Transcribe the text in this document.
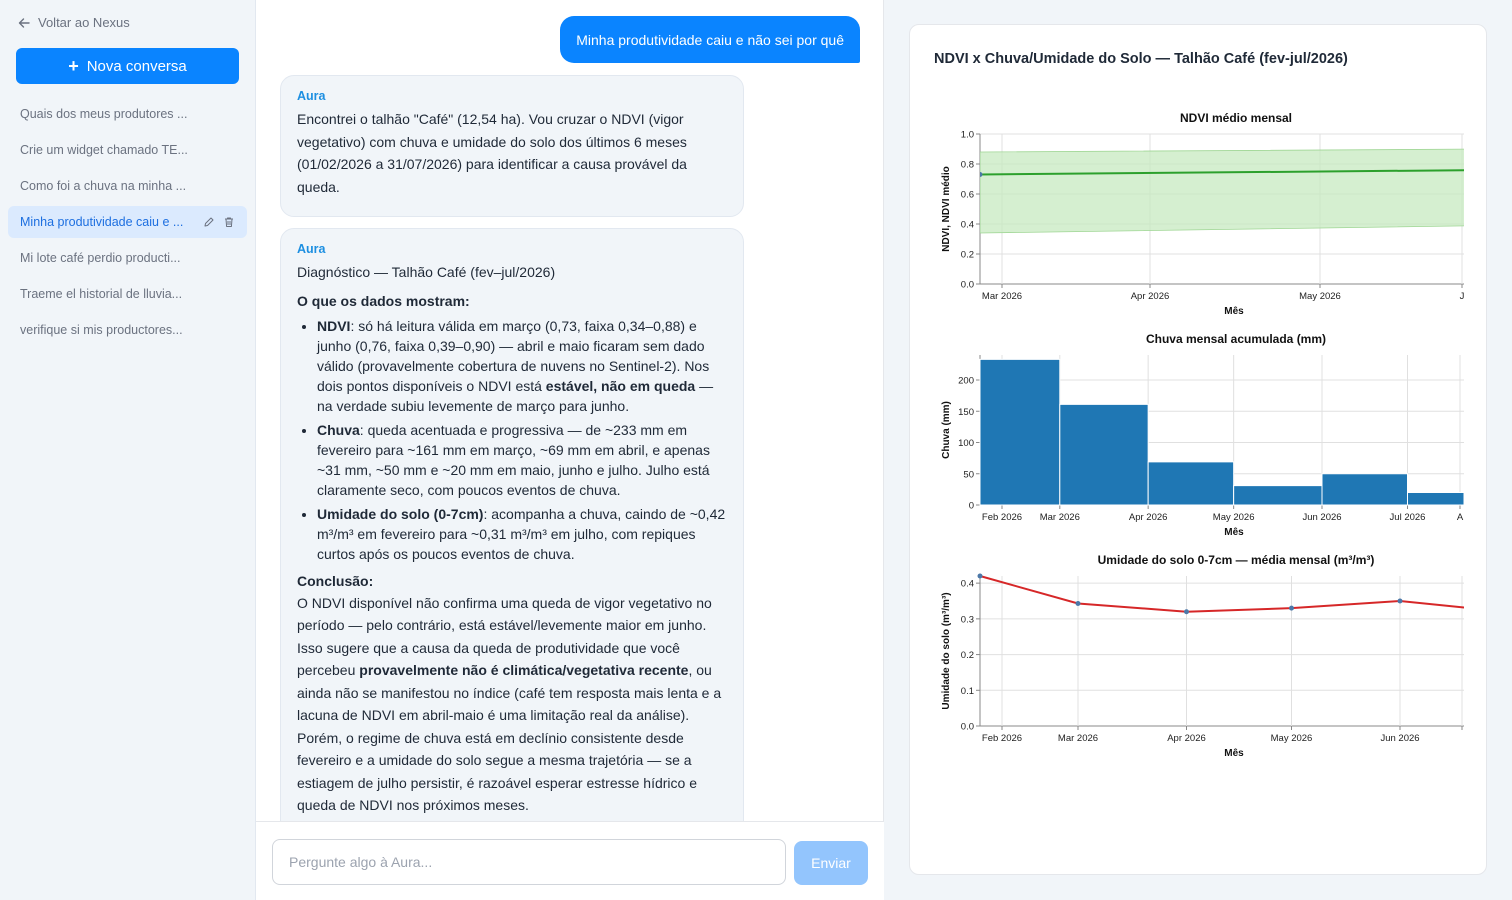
Voltar ao Nexus
+ Nova conversa
Quais dos meus produtores ...
Crie um widget chamado TE...
Como foi a chuva na minha ...
Minha produtividade caiu e ...
Mi lote café perdio producti...
Traeme el historial de lluvia...
verifique si mis productores...
Minha produtividade caiu e não sei por quê
Aura

Encontrei o talhão "Café" (12,54 ha). Vou cruzar o NDVI (vigor vegetativo) com chuva e umidade do solo dos últimos 6 meses (01/02/2026 a 31/07/2026) para identificar a causa provável da queda.

Aura

Diagnóstico — Talhão Café (fev–jul/2026)

O que os dados mostram:
• NDVI: só há leitura válida em março (0,73, faixa 0,34–0,88) e junho (0,76, faixa 0,39–0,90) — abril e maio ficaram sem dado válido (provavelmente cobertura de nuvens no Sentinel-2). Nos dois pontos disponíveis o NDVI está estável, não em queda — na verdade subiu levemente de março para junho.
• Chuva: queda acentuada e progressiva — de ~233 mm em fevereiro para ~161 mm em março, ~69 mm em abril, e apenas ~31 mm, ~50 mm e ~20 mm em maio, junho e julho. Julho está claramente seco, com poucos eventos de chuva.
• Umidade do solo (0-7cm): acompanha a chuva, caindo de ~0,42 m³/m³ em fevereiro para ~0,31 m³/m³ em julho, com repiques curtos após os poucos eventos de chuva.
Conclusão:

O NDVI disponível não confirma uma queda de vigor vegetativo no período — pelo contrário, está estável/levemente maior em junho. Isso sugere que a causa da queda de produtividade que você percebeu provavelmente não é climática/vegetativa recente, ou ainda não se manifestou no índice (café tem resposta mais lenta e a lacuna de NDVI em abril-maio é uma limitação real da análise). Porém, o regime de chuva está em declínio consistente desde fevereiro e a umidade do solo segue a mesma trajetória — se a estiagem de julho persistir, é razoável esperar estresse hídrico e queda de NDVI nos próximos meses.

Pergunte algo à Aura...
Enviar
NDVI x Chuva/Umidade do Solo — Talhão Café (fev-jul/2026)
NDVI médio mensal
NDVI, NDVI médio
Mês
0.0
0.2
0.4
0.6
0.8
1.0
Mar 2026	Apr 2026	May 2026	J
Chuva mensal acumulada (mm)
Chuva (mm)
Mês
0
50
100
150
200
Feb 2026 Mar 2026	Apr 2026	May 2026	Jun 2026	Jul 2026	A
Umidade do solo 0-7cm — média mensal (m³/m³)
Umidade do solo (m³/m³)
Mês
0.0
0.1
0.2
0.3
0.4
Feb 2026	Mar 2026	Apr 2026	May 2026	Jun 2026
